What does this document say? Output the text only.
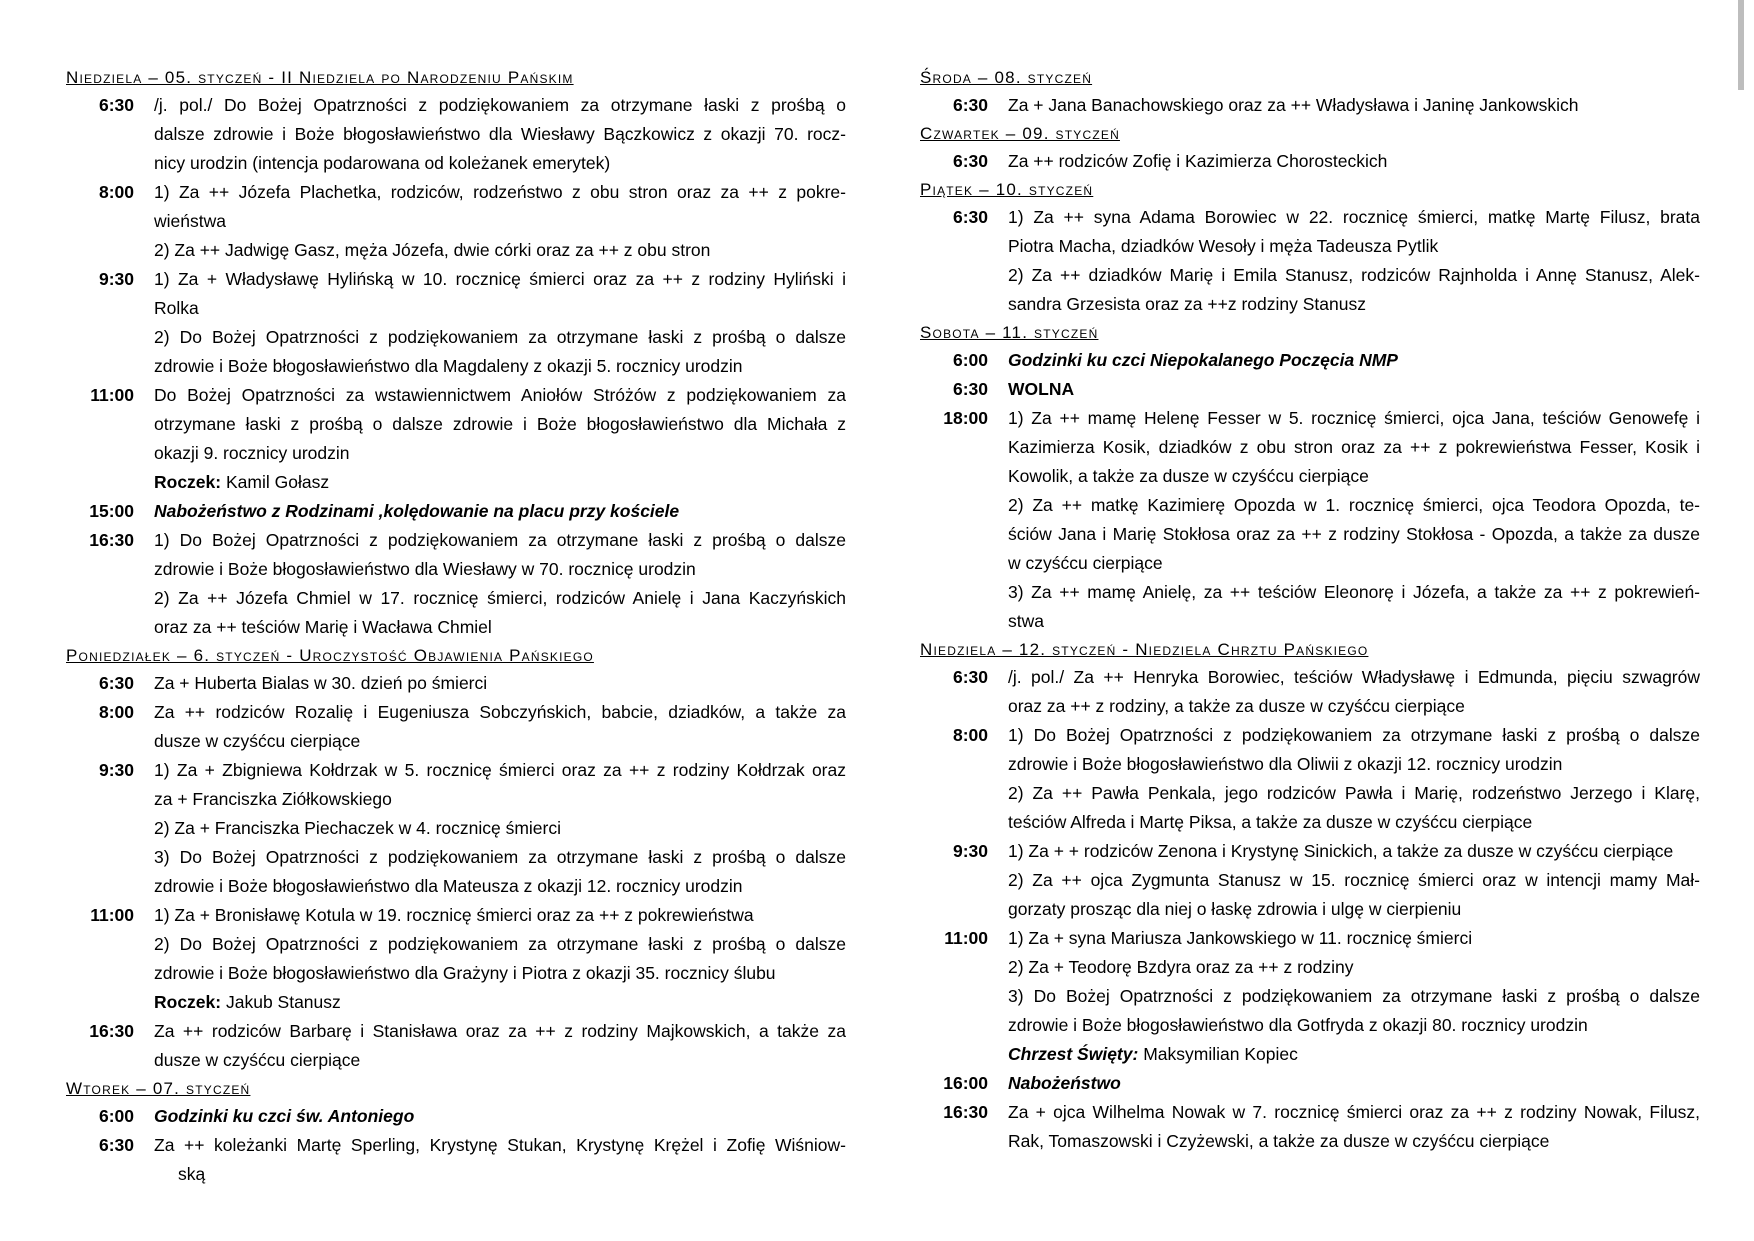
Niedziela – 05. styczeń - II Niedziela po Narodzeniu Pańskim
6:30	/j. pol./ Do Bożej Opatrzności z podziękowaniem za otrzymane łaski z prośbą o
dalsze zdrowie i Boże błogosławieństwo dla Wiesławy Bączkowicz z okazji 70. rocz-
nicy urodzin (intencja podarowana od koleżanek emerytek)
8:00	1) Za ++ Józefa Plachetka, rodziców, rodzeństwo z obu stron oraz za ++ z pokre-
wieństwa
2) Za ++ Jadwigę Gasz, męża Józefa, dwie córki oraz za ++ z obu stron
9:30	1) Za + Władysławę Hylińską w 10. rocznicę śmierci oraz za ++ z rodziny Hyliński i
Rolka
2) Do Bożej Opatrzności z podziękowaniem za otrzymane łaski z prośbą o dalsze
zdrowie i Boże błogosławieństwo dla Magdaleny z okazji 5. rocznicy urodzin
11:00	Do Bożej Opatrzności za wstawiennictwem Aniołów Stróżów z podziękowaniem za
otrzymane łaski z prośbą o dalsze zdrowie i Boże błogosławieństwo dla Michała z
okazji 9. rocznicy urodzin
Roczek: Kamil Gołasz
15:00	Nabożeństwo z Rodzinami ,kolędowanie na placu przy kościele
16:30	1) Do Bożej Opatrzności z podziękowaniem za otrzymane łaski z prośbą o dalsze
zdrowie i Boże błogosławieństwo dla Wiesławy w 70. rocznicę urodzin
2) Za ++ Józefa Chmiel w 17. rocznicę śmierci, rodziców Anielę i Jana Kaczyńskich
oraz za ++ teściów Marię i Wacława Chmiel
Poniedziałek – 6. styczeń - Uroczystość Objawienia Pańskiego
6:30	Za + Huberta Bialas w 30. dzień po śmierci
8:00	Za ++ rodziców Rozalię i Eugeniusza Sobczyńskich, babcie, dziadków, a także za
dusze w czyśćcu cierpiące
9:30	1) Za + Zbigniewa Kołdrzak w 5. rocznicę śmierci oraz za ++ z rodziny Kołdrzak oraz
za + Franciszka Ziółkowskiego
2) Za + Franciszka Piechaczek w 4. rocznicę śmierci
3) Do Bożej Opatrzności z podziękowaniem za otrzymane łaski z prośbą o dalsze
zdrowie i Boże błogosławieństwo dla Mateusza z okazji 12. rocznicy urodzin
11:00	1) Za + Bronisławę Kotula w 19. rocznicę śmierci oraz za ++ z pokrewieństwa
2) Do Bożej Opatrzności z podziękowaniem za otrzymane łaski z prośbą o dalsze
zdrowie i Boże błogosławieństwo dla Grażyny i Piotra z okazji 35. rocznicy ślubu
Roczek: Jakub Stanusz
16:30	Za ++ rodziców Barbarę i Stanisława oraz za ++ z rodziny Majkowskich, a także za
dusze w czyśćcu cierpiące
Wtorek – 07. styczeń
6:00	Godzinki ku czci św. Antoniego
6:30	Za ++ koleżanki Martę Sperling, Krystynę Stukan, Krystynę Krężel i Zofię Wiśniow-
ską
Środa – 08. styczeń
6:30	Za + Jana Banachowskiego oraz za ++ Władysława i Janinę Jankowskich
Czwartek – 09. styczeń
6:30	Za ++ rodziców Zofię i Kazimierza Chorosteckich
Piątek – 10. styczeń
6:30	1) Za ++ syna Adama Borowiec w 22. rocznicę śmierci, matkę Martę Filusz, brata
Piotra Macha, dziadków Wesoły i męża Tadeusza Pytlik
2) Za ++ dziadków Marię i Emila Stanusz, rodziców Rajnholda i Annę Stanusz, Alek-
sandra Grzesista oraz za ++z rodziny Stanusz
Sobota – 11. styczeń
6:00	Godzinki ku czci Niepokalanego Poczęcia NMP
6:30	WOLNA
18:00	1) Za ++ mamę Helenę Fesser w 5. rocznicę śmierci, ojca Jana, teściów Genowefę i
Kazimierza Kosik, dziadków z obu stron oraz za ++ z pokrewieństwa Fesser, Kosik i
Kowolik, a także za dusze w czyśćcu cierpiące
2) Za ++ matkę Kazimierę Opozda w 1. rocznicę śmierci, ojca Teodora Opozda, te-
ściów Jana i Marię Stokłosa oraz za ++ z rodziny Stokłosa - Opozda, a także za dusze
w czyśćcu cierpiące
3) Za ++ mamę Anielę, za ++ teściów Eleonorę i Józefa, a także za ++ z pokrewień-
stwa
Niedziela – 12. styczeń - Niedziela Chrztu Pańskiego
6:30	/j. pol./ Za ++ Henryka Borowiec, teściów Władysławę i Edmunda, pięciu szwagrów
oraz za ++ z rodziny, a także za dusze w czyśćcu cierpiące
8:00	1) Do Bożej Opatrzności z podziękowaniem za otrzymane łaski z prośbą o dalsze
zdrowie i Boże błogosławieństwo dla Oliwii z okazji 12. rocznicy urodzin
2) Za ++ Pawła Penkala, jego rodziców Pawła i Marię, rodzeństwo Jerzego i Klarę,
teściów Alfreda i Martę Piksa, a także za dusze w czyśćcu cierpiące
9:30	1) Za + + rodziców Zenona i Krystynę Sinickich, a także za dusze w czyśćcu cierpiące
2) Za ++ ojca Zygmunta Stanusz w 15. rocznicę śmierci oraz w intencji mamy Mał-
gorzaty prosząc dla niej o łaskę zdrowia i ulgę w cierpieniu
11:00	1) Za + syna Mariusza Jankowskiego w 11. rocznicę śmierci
2) Za + Teodorę Bzdyra oraz za ++ z rodziny
3) Do Bożej Opatrzności z podziękowaniem za otrzymane łaski z prośbą o dalsze
zdrowie i Boże błogosławieństwo dla Gotfryda z okazji 80. rocznicy urodzin
Chrzest Święty: Maksymilian Kopiec
16:00	Nabożeństwo
16:30	Za + ojca Wilhelma Nowak w 7. rocznicę śmierci oraz za ++ z rodziny Nowak, Filusz,
Rak, Tomaszowski i Czyżewski, a także za dusze w czyśćcu cierpiące
